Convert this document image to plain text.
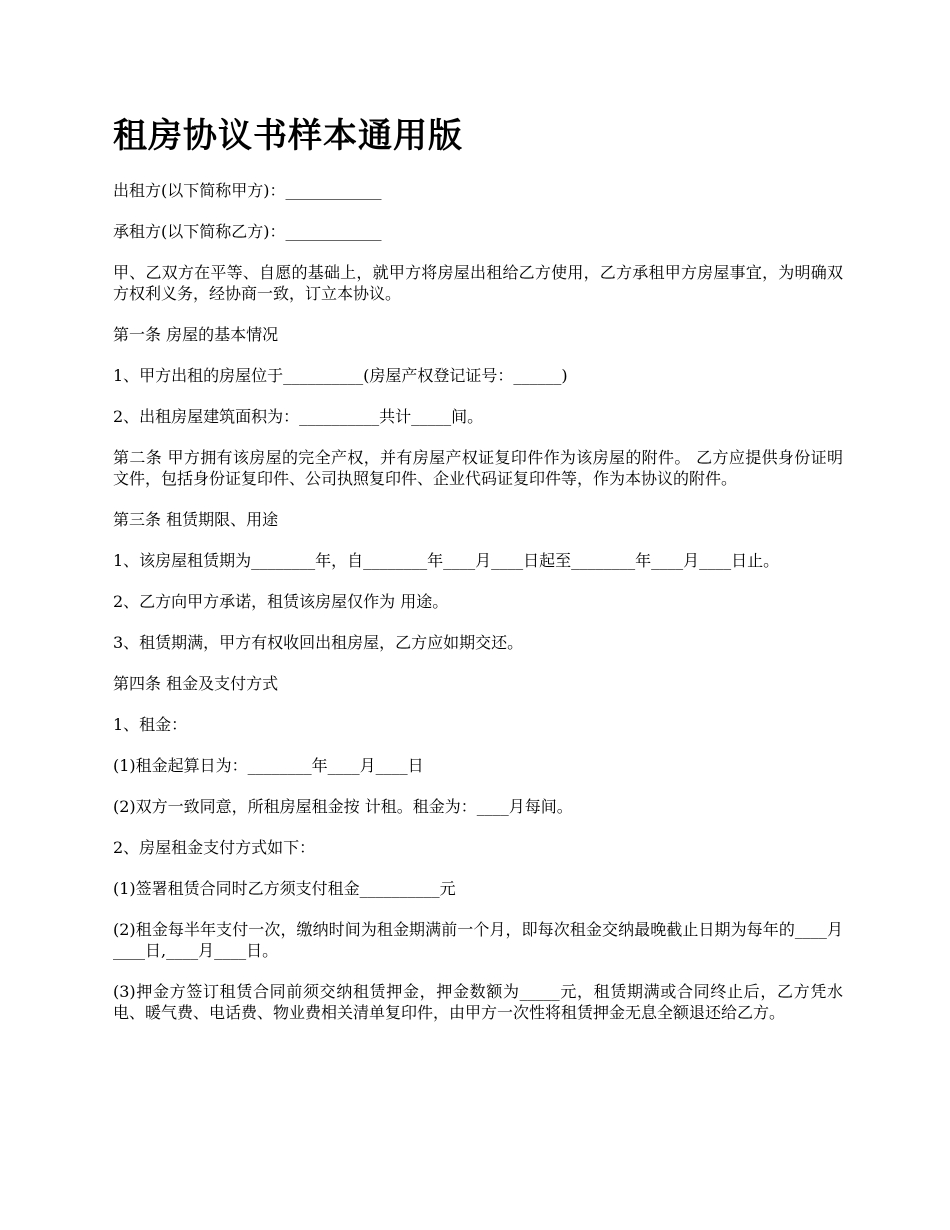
租房协议书样本通用版

出租方(以下简称甲方)：____________

承租方(以下简称乙方)：____________

甲、乙双方在平等、自愿的基础上，就甲方将房屋出租给乙方使用，乙方承租甲方房屋事宜，为明确双方权利义务，经协商一致，订立本协议。

第一条 房屋的基本情况

1、甲方出租的房屋位于__________(房屋产权登记证号：______)

2、出租房屋建筑面积为：__________共计_____间。

第二条 甲方拥有该房屋的完全产权，并有房屋产权证复印件作为该房屋的附件。 乙方应提供身份证明文件，包括身份证复印件、公司执照复印件、企业代码证复印件等，作为本协议的附件。

第三条 租赁期限、用途

1、该房屋租赁期为________年，自________年____月____日起至________年____月____日止。

2、乙方向甲方承诺，租赁该房屋仅作为 用途。

3、租赁期满，甲方有权收回出租房屋，乙方应如期交还。

第四条 租金及支付方式

1、租金：

(1)租金起算日为：________年____月____日

(2)双方一致同意，所租房屋租金按 计租。租金为：____月每间。

2、房屋租金支付方式如下：

(1)签署租赁合同时乙方须支付租金__________元

(2)租金每半年支付一次，缴纳时间为租金期满前一个月，即每次租金交纳最晚截止日期为每年的____月____日,____月____日。

(3)押金方签订租赁合同前须交纳租赁押金，押金数额为_____元，租赁期满或合同终止后，乙方凭水电、暖气费、电话费、物业费相关清单复印件，由甲方一次性将租赁押金无息全额退还给乙方。
